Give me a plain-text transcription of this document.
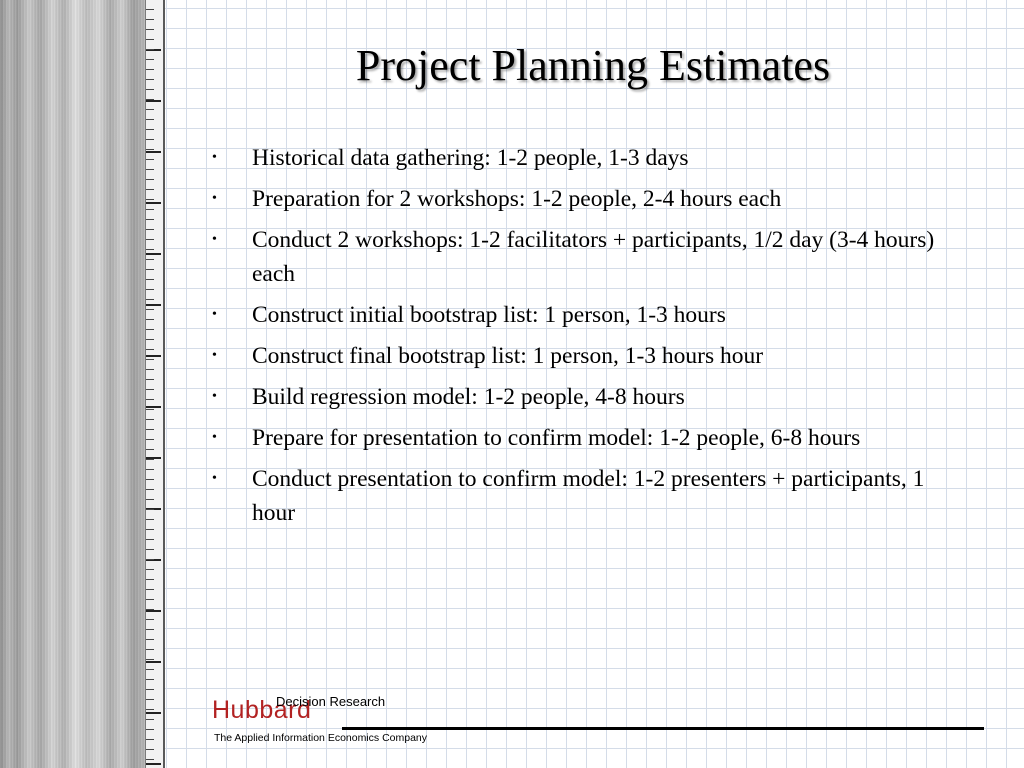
Project Planning Estimates
• Historical data gathering: 1-2 people, 1-3 days
• Preparation for 2 workshops: 1-2 people, 2-4 hours each
• Conduct 2 workshops: 1-2 facilitators + participants, 1/2 day (3-4 hours) each
• Construct initial bootstrap list: 1 person, 1-3 hours
• Construct final bootstrap list: 1 person, 1-3 hours hour
• Build regression model: 1-2 people, 4-8 hours
• Prepare for presentation to confirm model: 1-2 people, 6-8 hours
• Conduct presentation to confirm model: 1-2 presenters + participants, 1 hour
Hubbard
Decision Research
The Applied Information Economics Company
